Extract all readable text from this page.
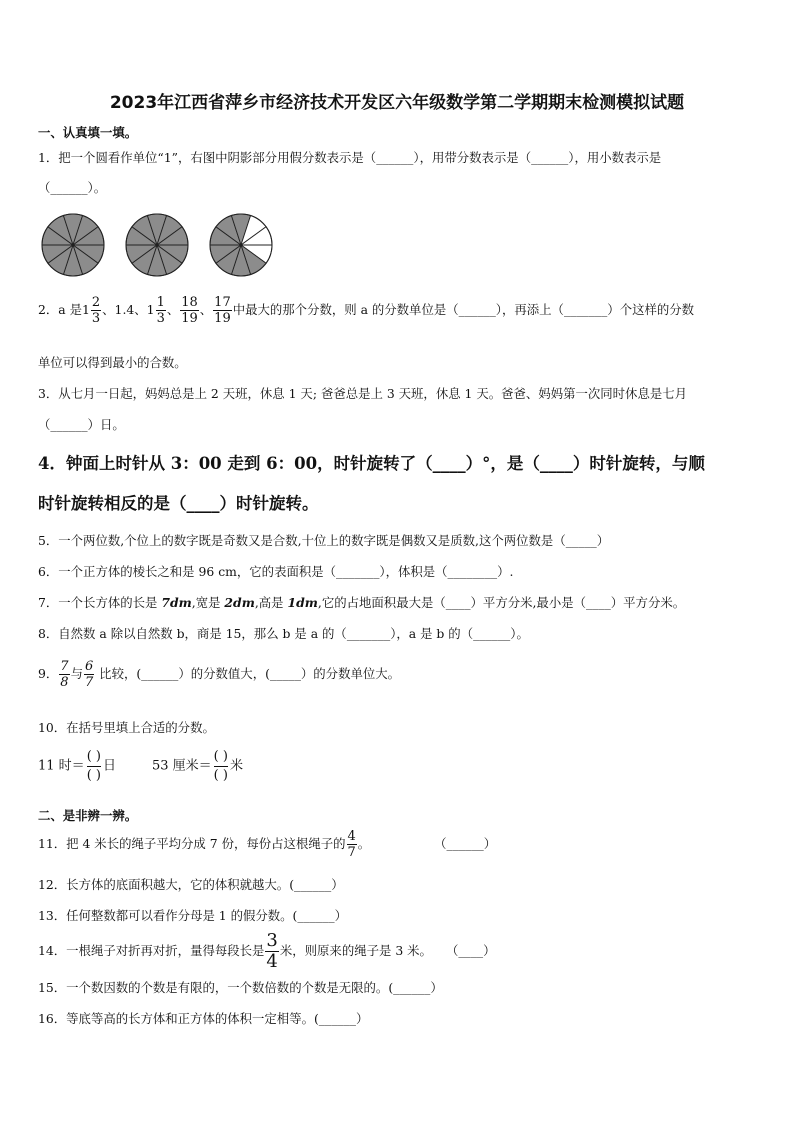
2023年江西省萍乡市经济技术开发区六年级数学第二学期期末检测模拟试题
一、认真填一填。
1．把一个圆看作单位“1”，右图中阴影部分用假分数表示是（______），用带分数表示是（______），用小数表示是
（______）。

2．a 是$1 \frac{2}{3}$ 、1.4、$1 \frac{1}{3}$ 、 $\frac{18}{19}$ 、 $\frac{17}{19}$ 中最大的那个分数，则 a 的分数单位是（______），再添上（_______）个这样的分数
单位可以得到最小的合数。
3．从七月一日起，妈妈总是上 2 天班，休息 1 天; 爸爸总是上 3 天班，休息 1 天。爸爸、妈妈第一次同时休息是七月
（______）日。
4．钟面上时针从 3：00 走到 6：00，时针旋转了（____）°，是（____）时针旋转，与顺
时针旋转相反的是（____）时针旋转。
5．一个两位数,个位上的数字既是奇数又是合数,十位上的数字既是偶数又是质数,这个两位数是（_____）
6．一个正方体的棱长之和是 96 cm，它的表面积是（_______），体积是（________）.
7．一个长方体的长是 7dm,宽是 2dm,高是 1dm,它的占地面积最大是（____）平方分米,最小是（____）平方分米。
8．自然数 a 除以自然数 b，商是 15，那么 b 是 a 的（_______），a 是 b 的（______）。
9． $\frac{7}{8}$ 与 $\frac{6}{7}$ 比较，(______）的分数值大，(_____）的分数单位大。
10．在括号里填上合适的分数。
11 时＝
( )
( )
日	53 厘米＝
( )
( )
米
二、是非辨一辨。
11．把 4 米长的绳子平均分成 7 份，每份占这根绳子的 $\frac{4}{7}$ 。	（______）
12．长方体的底面积越大，它的体积就越大。(______）
13．任何整数都可以看作分母是 1 的假分数。(______）
14．一根绳子对折再对折，量得每段长是 $\frac{3}{4}$ 米，则原来的绳子是 3 米。 （____）
15．一个数因数的个数是有限的，一个数倍数的个数是无限的。(______）
16．等底等高的长方体和正方体的体积一定相等。(______）
